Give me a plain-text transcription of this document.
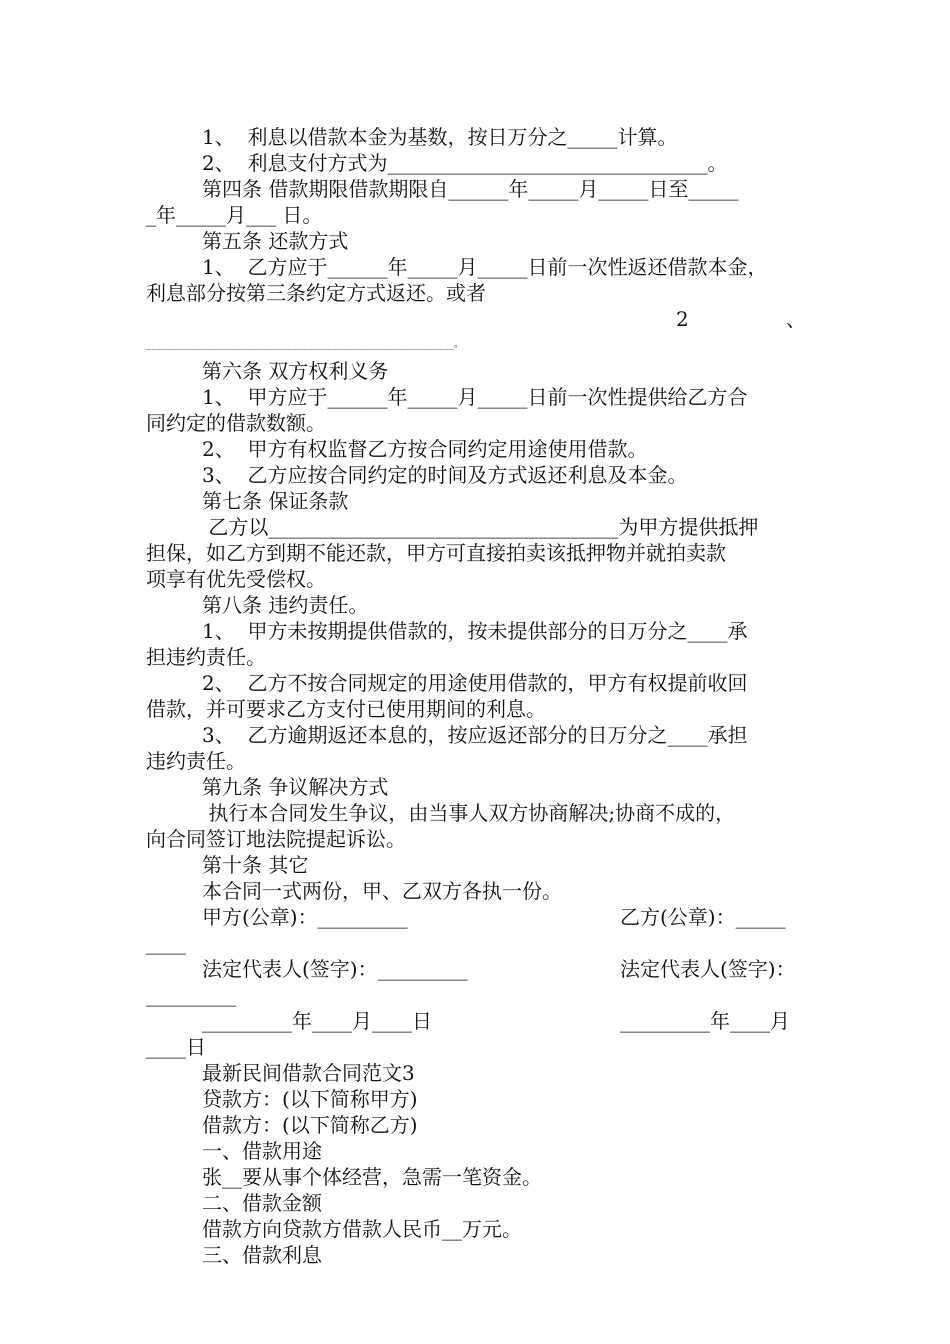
1、  利息以借款本金为基数，按日万分之_____计算。
2、  利息支付方式为________________________________。
第四条 借款期限借款期限自______年_____月_____日至_____
_年_____月___ 日。
第五条 还款方式
1、  乙方应于______年_____月_____日前一次性返还借款本金，
利息部分按第三条约定方式返还。或者
2	、
_____________________________________________________________。
第六条 双方权利义务
1、  甲方应于______年_____月_____日前一次性提供给乙方合
同约定的借款数额。
2、  甲方有权监督乙方按合同约定用途使用借款。
3、  乙方应按合同约定的时间及方式返还利息及本金。
第七条 保证条款
乙方以___________________________________为甲方提供抵押
担保，如乙方到期不能还款，甲方可直接拍卖该抵押物并就拍卖款
项享有优先受偿权。
第八条 违约责任。
1、  甲方未按期提供借款的，按未提供部分的日万分之____承
担违约责任。
2、  乙方不按合同规定的用途使用借款的，甲方有权提前收回
借款，并可要求乙方支付已使用期间的利息。
3、  乙方逾期返还本息的，按应返还部分的日万分之____承担
违约责任。
第九条 争议解决方式
执行本合同发生争议，由当事人双方协商解决;协商不成的，
向合同签订地法院提起诉讼。
第十条 其它
本合同一式两份，甲、乙双方各执一份。
甲方(公章)：_________	乙方(公章)：_____
____
法定代表人(签字)：_________	法定代表人(签字)：
_________
_________年____月____日	_________年____月
____日
最新民间借款合同范文3
贷款方：(以下简称甲方)
借款方：(以下简称乙方)
一、借款用途
张__要从事个体经营，急需一笔资金。
二、借款金额
借款方向贷款方借款人民币__万元。
三、借款利息
